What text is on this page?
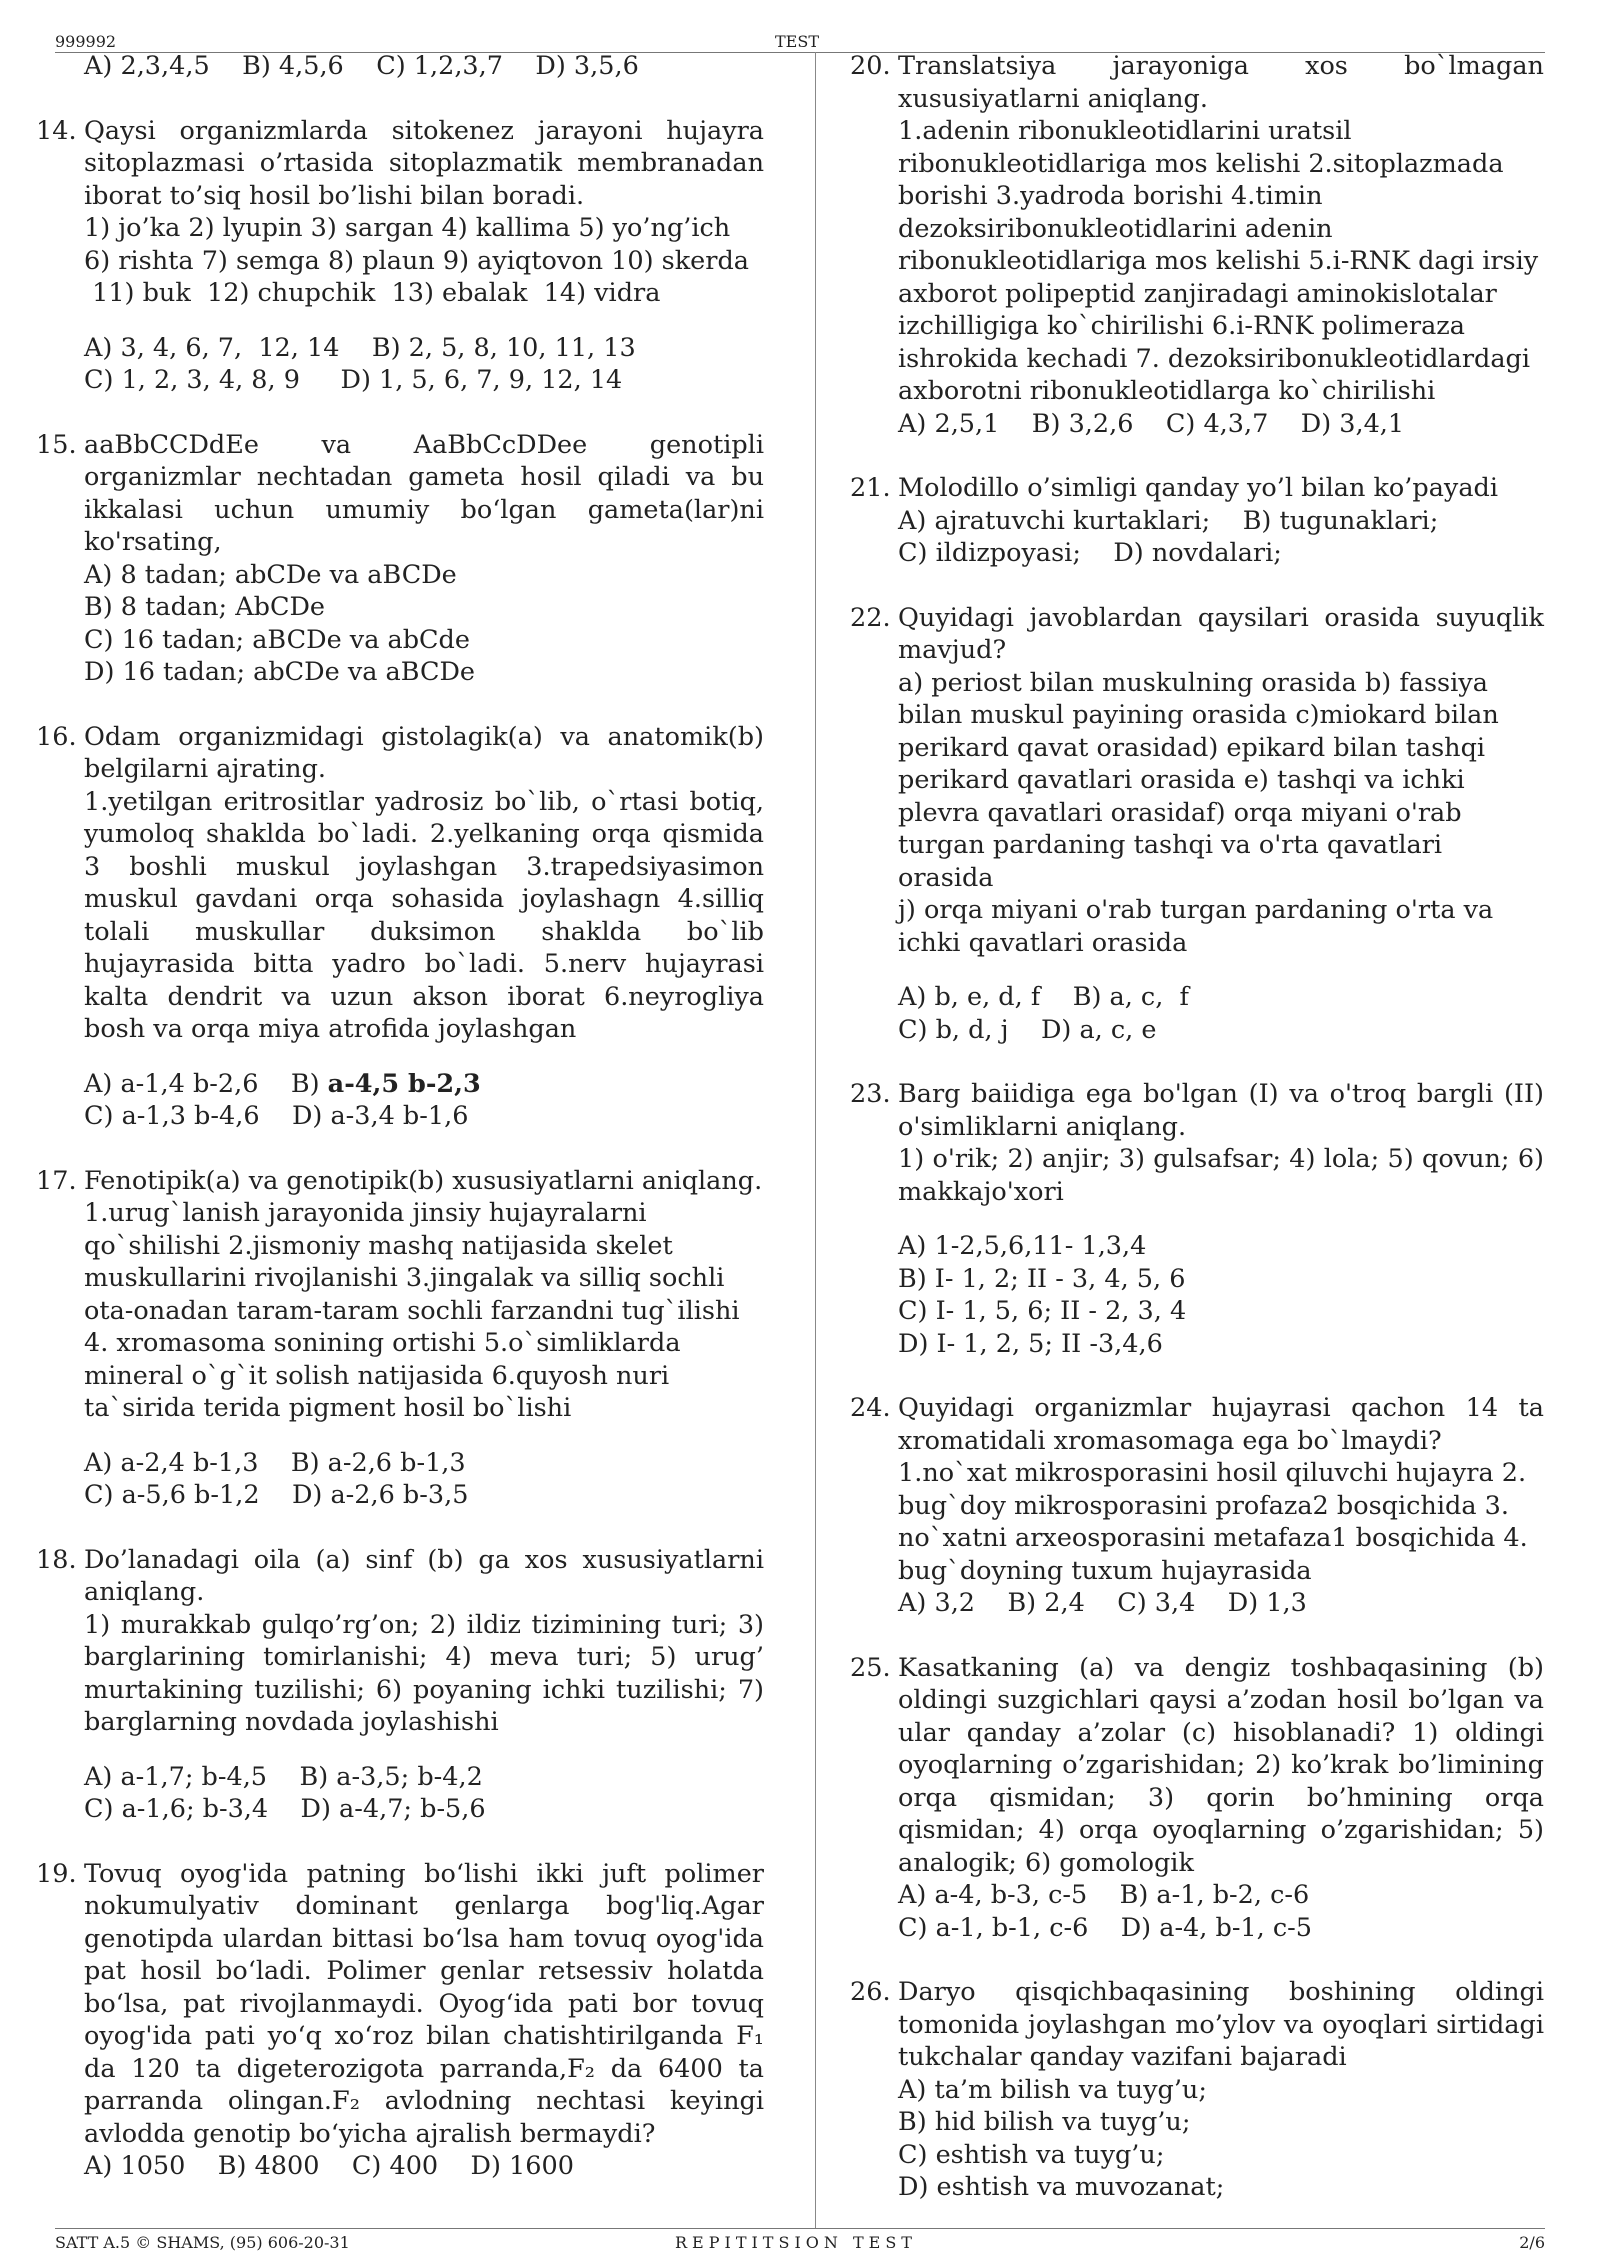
999992	TEST
A) 2,3,4,5    B) 4,5,6    C) 1,2,3,7    D) 3,5,6
14. Qaysi organizmlarda sitokenez jarayoni hujayra sitoplazmasi o’rtasida sitoplazmatik membranadan iborat to’siq hosil bo’lishi bilan boradi.
1) jo’ka 2) lyupin 3) sargan 4) kallima 5) yo’ng’ich
6) rishta 7) semga 8) plaun 9) ayiqtovon 10) skerda
11) buk  12) chupchik  13) ebalak  14) vidra
A) 3, 4, 6, 7,  12, 14    B) 2, 5, 8, 10, 11, 13
C) 1, 2, 3, 4, 8, 9     D) 1, 5, 6, 7, 9, 12, 14
15. aaBbCCDdEe va AaBbCcDDee genotipli organizmlar nechtadan gameta hosil qiladi va bu ikkalasi uchun umumiy bo‘lgan gameta(lar)ni ko'rsating,
A) 8 tadan; abCDe va aBCDe
B) 8 tadan; AbCDe
C) 16 tadan; aBCDe va abCde
D) 16 tadan; abCDe va aBCDe
16. Odam organizmidagi gistolagik(a) va anatomik(b) belgilarni ajrating.
1.yetilgan eritrositlar yadrosiz bo`lib, o`rtasi botiq, yumoloq shaklda bo`ladi. 2.yelkaning orqa qismida 3 boshli muskul joylashgan 3.trapedsiyasimon muskul gavdani orqa sohasida joylashagn 4.silliq tolali muskullar duksimon shaklda bo`lib hujayrasida bitta yadro bo`ladi. 5.nerv hujayrasi kalta dendrit va uzun akson iborat 6.neyrogliya bosh va orqa miya atrofida joylashgan
A) a-1,4 b-2,6    B) a-4,5 b-2,3
C) a-1,3 b-4,6    D) a-3,4 b-1,6
17. Fenotipik(a) va genotipik(b) xususiyatlarni aniqlang.
1.urug`lanish jarayonida jinsiy hujayralarni qo`shilishi 2.jismoniy mashq natijasida skelet muskullarini rivojlanishi 3.jingalak va silliq sochli ota-onadan taram-taram sochli farzandni tug`ilishi 4. xromasoma sonining ortishi 5.o`simliklarda mineral o`g`it solish natijasida 6.quyosh nuri ta`sirida terida pigment hosil bo`lishi
A) a-2,4 b-1,3    B) a-2,6 b-1,3
C) a-5,6 b-1,2    D) a-2,6 b-3,5
18. Do’lanadagi oila (a) sinf (b) ga xos xususiyatlarni aniqlang.
1) murakkab gulqo’rg’on; 2) ildiz tizimining turi; 3) barglarining tomirlanishi; 4) meva turi; 5) urug’ murtakining tuzilishi; 6) poyaning ichki tuzilishi; 7) barglarning novdada joylashishi
A) a-1,7; b-4,5    B) a-3,5; b-4,2
C) a-1,6; b-3,4    D) a-4,7; b-5,6
19. Tovuq oyog'ida patning bo‘lishi ikki juft polimer nokumulyativ dominant genlarga bog'liq.Agar genotipda ulardan bittasi bo‘lsa ham tovuq oyog'ida pat hosil bo‘ladi. Polimer genlar retsessiv holatda bo‘lsa, pat rivojlanmaydi. Oyog‘ida pati bor tovuq oyog'ida pati yo‘q xo‘roz bilan chatishtirilganda F₁ da 120 ta digeterozigota parranda,F₂ da 6400 ta parranda olingan.F₂ avlodning nechtasi keyingi avlodda genotip bo‘yicha ajralish bermaydi?
A) 1050    B) 4800    C) 400    D) 1600
20. Translatsiya jarayoniga xos bo`lmagan
xususiyatlarni aniqlang.
1.adenin ribonukleotidlarini uratsil ribonukleotidlariga mos kelishi 2.sitoplazmada borishi 3.yadroda borishi 4.timin dezoksiribonukleotidlarini adenin ribonukleotidlariga mos kelishi 5.i-RNK dagi irsiy axborot polipeptid zanjiradagi aminokislotalar izchilligiga ko`chirilishi 6.i-RNK polimeraza ishrokida kechadi 7. dezoksiribonukleotidlardagi axborotni ribonukleotidlarga ko`chirilishi
A) 2,5,1    B) 3,2,6    C) 4,3,7    D) 3,4,1
21. Molodillo o’simligi qanday yo’l bilan ko’payadi
A) ajratuvchi kurtaklari;    B) tugunaklari;
C) ildizpoyasi;    D) novdalari;
22. Quyidagi javoblardan qaysilari orasida suyuqlik mavjud?
a) periost bilan muskulning orasida b) fassiya bilan muskul payining orasida c)miokard bilan perikard qavat orasidad) epikard bilan tashqi perikard qavatlari orasida e) tashqi va ichki plevra qavatlari orasidaf) orqa miyani o'rab turgan pardaning tashqi va o'rta qavatlari orasida
j) orqa miyani o'rab turgan pardaning o'rta va ichki qavatlari orasida
A) b, e, d, f    B) a, c,  f
C) b, d, j    D) a, c, e
23. Barg baiidiga ega bo'lgan (I) va o'troq bargli (II) o'simliklarni aniqlang.
1) o'rik; 2) anjir; 3) gulsafsar; 4) lola; 5) qovun; 6) makkajo'xori
A) 1-2,5,6,11- 1,3,4
B) I- 1, 2; II - 3, 4, 5, 6
C) I- 1, 5, 6; II - 2, 3, 4
D) I- 1, 2, 5; II -3,4,6
24. Quyidagi organizmlar hujayrasi qachon 14 ta xromatidali xromasomaga ega bo`lmaydi?
1.no`xat mikrosporasini hosil qiluvchi hujayra 2. bug`doy mikrosporasini profaza2 bosqichida 3. no`xatni arxeosporasini metafaza1 bosqichida 4. bug`doyning tuxum hujayrasida
A) 3,2    B) 2,4    C) 3,4    D) 1,3
25. Kasatkaning (a) va dengiz toshbaqasining (b) oldingi suzgichlari qaysi a’zodan hosil bo’lgan va ular qanday a’zolar (c) hisoblanadi? 1) oldingi oyoqlarning o’zgarishidan; 2) ko’krak bo’limining orqa qismidan; 3) qorin bo’hmining orqa qismidan; 4) orqa oyoqlarning o’zgarishidan; 5) analogik; 6) gomologik
A) a-4, b-3, c-5    B) a-1, b-2, c-6
C) a-1, b-1, c-6    D) a-4, b-1, c-5
26. Daryo qisqichbaqasining boshining oldingi tomonida joylashgan mo’ylov va oyoqlari sirtidagi tukchalar qanday vazifani bajaradi
A) ta’m bilish va tuyg’u;
B) hid bilish va tuyg’u;
C) eshtish va tuyg’u;
D) eshtish va muvozanat;
SATT A.5 © SHAMS, (95) 606-20-31	REPITITSION TEST	2/6
